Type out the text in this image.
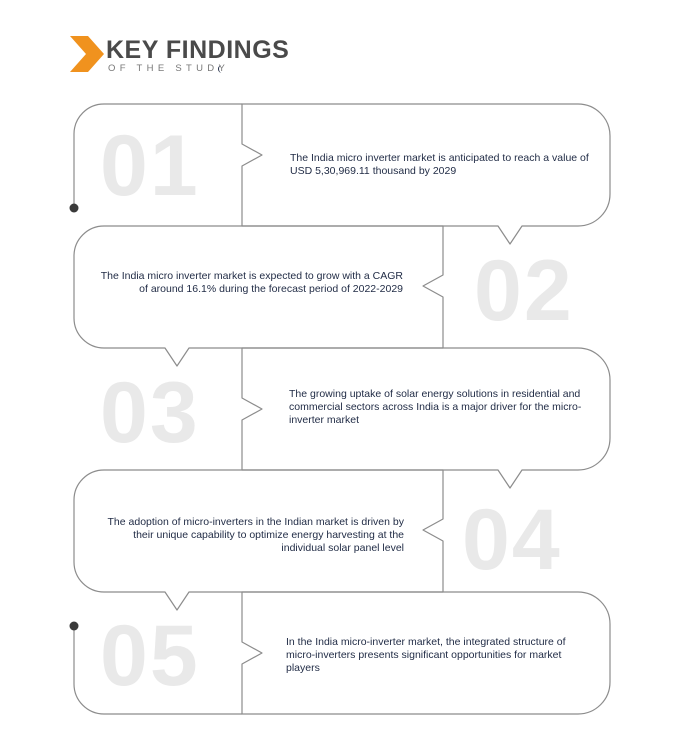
KEY FINDINGS
OF THE STUDY
01
02
03
04
05
The India micro inverter market is anticipated to reach a value of USD 5,30,969.11 thousand by 2029
The India micro inverter market is expected to grow with a CAGR of around 16.1% during the forecast period of 2022-2029
The growing uptake of solar energy solutions in residential and commercial sectors across India is a major driver for the micro-inverter market
The adoption of micro-inverters in the Indian market is driven by their unique capability to optimize energy harvesting at the individual solar panel level
In the India micro-inverter market, the integrated structure of micro-inverters presents significant opportunities for market players
